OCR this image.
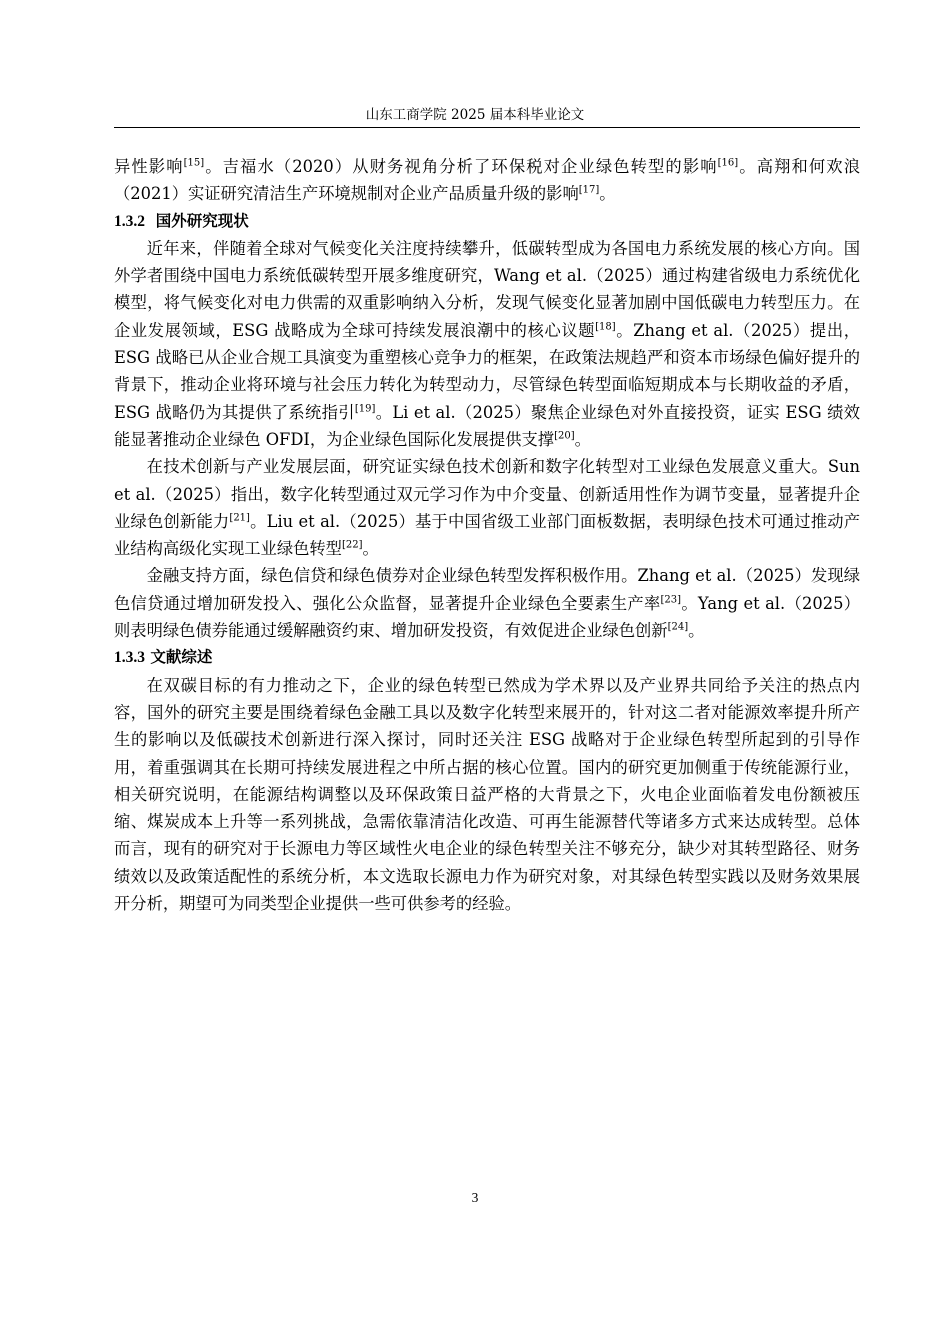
山东工商学院 2025 届本科毕业论文

异性影响[15]。吉福水（2020）从财务视角分析了环保税对企业绿色转型的影响[16]。高翔和何欢浪（2021）实证研究清洁生产环境规制对企业产品质量升级的影响[17]。

1.3.2 国外研究现状

近年来，伴随着全球对气候变化关注度持续攀升，低碳转型成为各国电力系统发展的核心方向。国外学者围绕中国电力系统低碳转型开展多维度研究，Wang et al.（2025）通过构建省级电力系统优化模型，将气候变化对电力供需的双重影响纳入分析，发现气候变化显著加剧中国低碳电力转型压力。在企业发展领域，ESG 战略成为全球可持续发展浪潮中的核心议题[18]。Zhang et al.（2025）提出，ESG 战略已从企业合规工具演变为重塑核心竞争力的框架，在政策法规趋严和资本市场绿色偏好提升的背景下，推动企业将环境与社会压力转化为转型动力，尽管绿色转型面临短期成本与长期收益的矛盾，ESG 战略仍为其提供了系统指引[19]。Li et al.（2025）聚焦企业绿色对外直接投资，证实 ESG 绩效能显著推动企业绿色 OFDI，为企业绿色国际化发展提供支撑[20]。

在技术创新与产业发展层面，研究证实绿色技术创新和数字化转型对工业绿色发展意义重大。Sun et al.（2025）指出，数字化转型通过双元学习作为中介变量、创新适用性作为调节变量，显著提升企业绿色创新能力[21]。Liu et al.（2025）基于中国省级工业部门面板数据，表明绿色技术可通过推动产业结构高级化实现工业绿色转型[22]。

金融支持方面，绿色信贷和绿色债券对企业绿色转型发挥积极作用。Zhang et al.（2025）发现绿色信贷通过增加研发投入、强化公众监督，显著提升企业绿色全要素生产率[23]。Yang et al.（2025）则表明绿色债券能通过缓解融资约束、增加研发投资，有效促进企业绿色创新[24]。

1.3.3 文献综述

在双碳目标的有力推动之下，企业的绿色转型已然成为学术界以及产业界共同给予关注的热点内容，国外的研究主要是围绕着绿色金融工具以及数字化转型来展开的，针对这二者对能源效率提升所产生的影响以及低碳技术创新进行深入探讨，同时还关注 ESG 战略对于企业绿色转型所起到的引导作用，着重强调其在长期可持续发展进程之中所占据的核心位置。国内的研究更加侧重于传统能源行业，相关研究说明，在能源结构调整以及环保政策日益严格的大背景之下，火电企业面临着发电份额被压缩、煤炭成本上升等一系列挑战，急需依靠清洁化改造、可再生能源替代等诸多方式来达成转型。总体而言，现有的研究对于长源电力等区域性火电企业的绿色转型关注不够充分，缺少对其转型路径、财务绩效以及政策适配性的系统分析，本文选取长源电力作为研究对象，对其绿色转型实践以及财务效果展开分析，期望可为同类型企业提供一些可供参考的经验。

3
